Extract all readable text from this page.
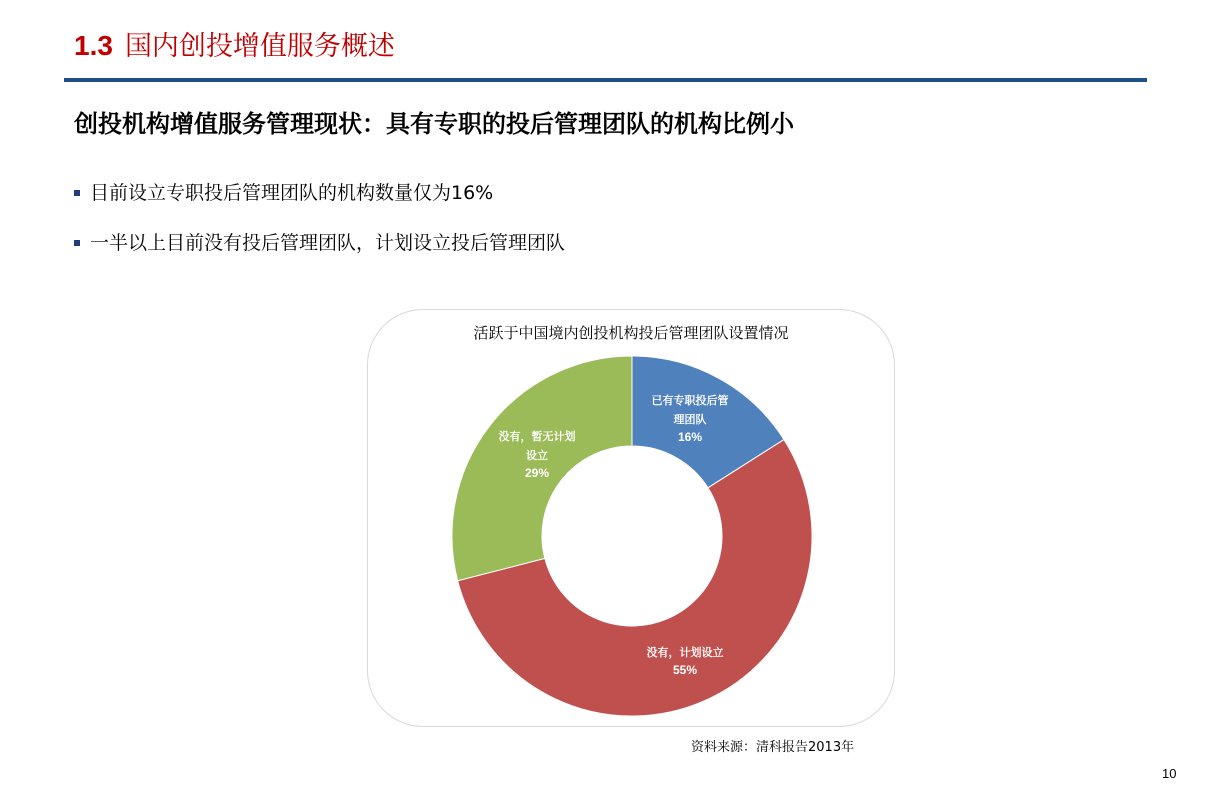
1.3 国内创投增值服务概述
创投机构增值服务管理现状：具有专职的投后管理团队的机构比例小
目前设立专职投后管理团队的机构数量仅为16%
一半以上目前没有投后管理团队，计划设立投后管理团队
活跃于中国境内创投机构投后管理团队设置情况
已有专职投后管
理团队
16%
没有，计划设立
55%
没有，暂无计划
设立
29%
资料来源：清科报告2013年
10
